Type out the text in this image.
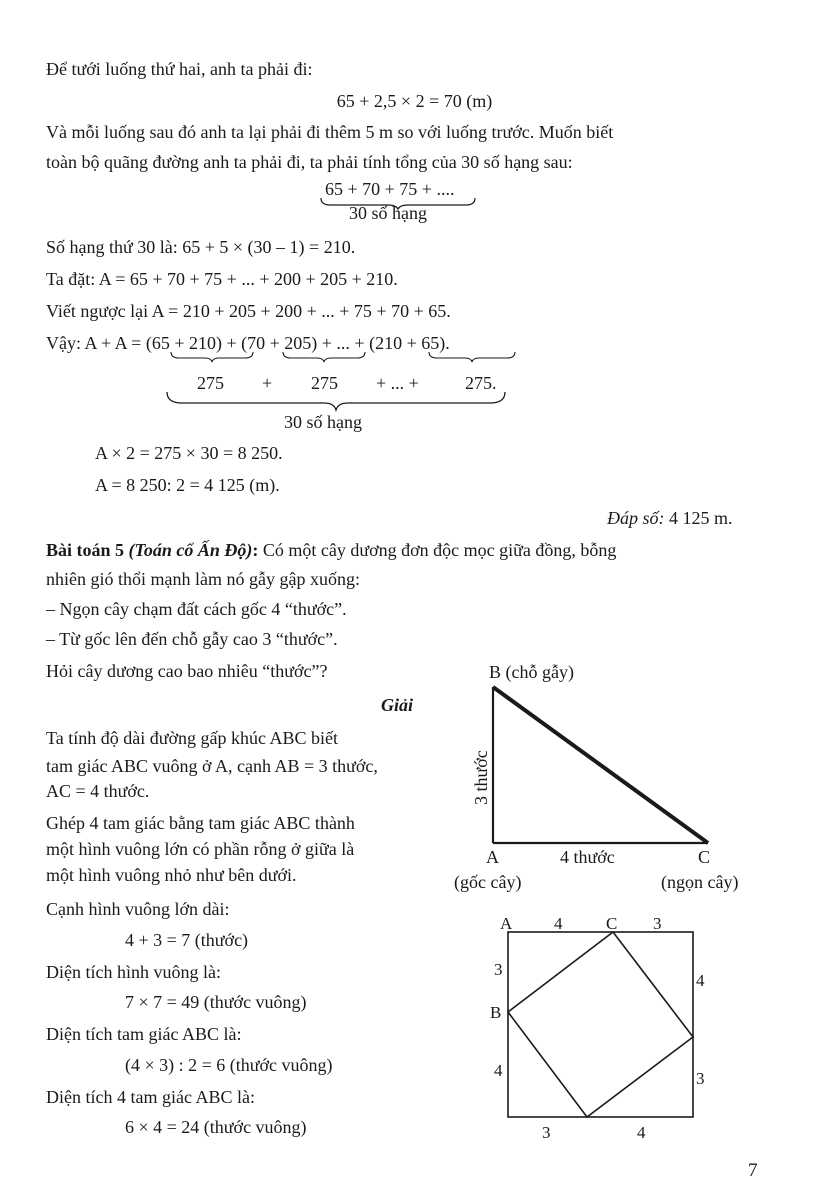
Để tưới luống thứ hai, anh ta phải đi:
65 + 2,5 × 2 = 70 (m)
Và mỗi luống sau đó anh ta lại phải đi thêm 5 m so với luống trước. Muốn biết
toàn bộ quãng đường anh ta phải đi, ta phải tính tổng của 30 số hạng sau:
65 + 70 + 75 + ....
30 số hạng
Số hạng thứ 30 là: 65 + 5 × (30 – 1) = 210.
Ta đặt: A = 65 + 70 + 75 + ... + 200 + 205 + 210.
Viết ngược lại A = 210 + 205 + 200 + ... + 75 + 70 + 65.
Vậy: A + A = (65 + 210) + (70 + 205) + ... + (210 + 65).
275 + 275 + ... +	275.
30 số hạng
A × 2 = 275 × 30 = 8 250.
A = 8 250: 2 = 4 125 (m).
Đáp số: 4 125 m.
Bài toán 5 (Toán cổ Ấn Độ): Có một cây dương đơn độc mọc giữa đồng, bỗng
nhiên gió thổi mạnh làm nó gẫy gập xuống:
– Ngọn cây chạm đất cách gốc 4 “thước”.
– Từ gốc lên đến chỗ gẫy cao 3 “thước”.
Hỏi cây dương cao bao nhiêu “thước”?
Giải
Ta tính độ dài đường gấp khúc ABC biết
tam giác ABC vuông ở A, cạnh AB = 3 thước,
AC = 4 thước.
Ghép 4 tam giác bằng tam giác ABC thành
một hình vuông lớn có phần rỗng ở giữa là
một hình vuông nhỏ như bên dưới.
Cạnh hình vuông lớn dài:
4 + 3 = 7 (thước)
Diện tích hình vuông là:
7 × 7 = 49 (thước vuông)
Diện tích tam giác ABC là:
(4 × 3) : 2 = 6 (thước vuông)
Diện tích 4 tam giác ABC là:
6 × 4 = 24 (thước vuông)
B (chỗ gẫy)
A	C
4 thước
3 thước
(gốc cây)	(ngọn cây)
A	C
B
4	3
3
4
4
3
3	4
7
